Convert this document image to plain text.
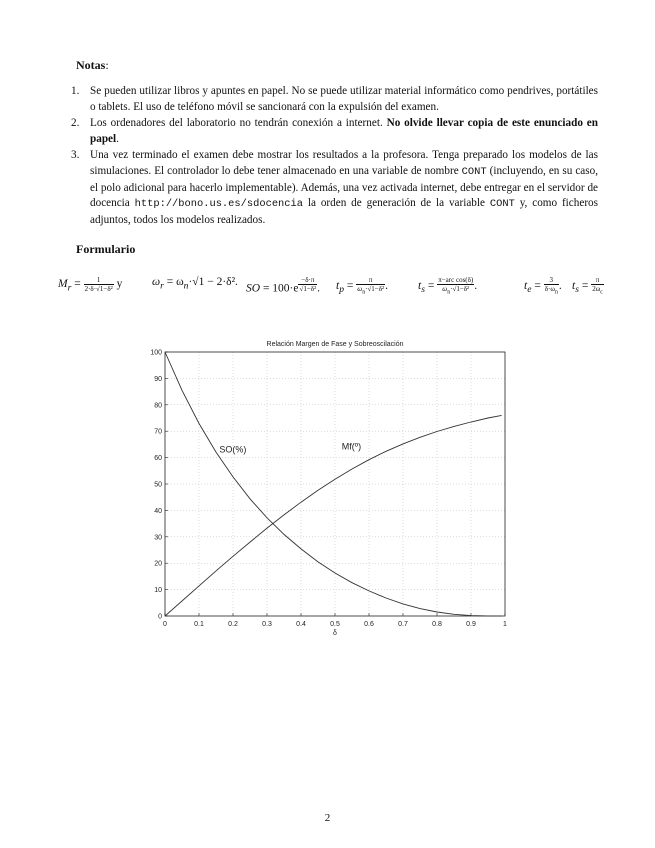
Notas:
1. Se pueden utilizar libros y apuntes en papel. No se puede utilizar material informático como pendrives, portátiles o tablets. El uso de teléfono móvil se sancionará con la expulsión del examen.
2. Los ordenadores del laboratorio no tendrán conexión a internet. No olvide llevar copia de este enunciado en papel.
3. Una vez terminado el examen debe mostrar los resultados a la profesora. Tenga preparado los modelos de las simulaciones. El controlador lo debe tener almacenado en una variable de nombre CONT (incluyendo, en su caso, el polo adicional para hacerlo implementable). Además, una vez activada internet, debe entregar en el servidor de docencia http://bono.us.es/sdocencia la orden de generación de la variable CONT y, como ficheros adjuntos, todos los modelos realizados.
Formulario
$M_r = \frac{1}{\text{2·δ·√1−δ²}}$ y	$\omega_r = \omega_n\cdot√1 - 2\cdot\delta^2$.
SO = 100·e $^{\frac{-\delta\cdot\pi}{\text{√1−δ²}}}$ . $t_p = \frac{\pi}{\omega_n\cdot√1-\delta^2}$ .	$t_s = \frac{\text{π−arc cos(δ)}}{\omega_n\cdot√1-\delta^2}$ .	$t_e = \frac{3}{\delta\cdot\omega_n}$ . $t_s = \frac{\pi}{2\omega_c}$
Relación Margen de Fase y Sobreoscilación
0	0.1	0.2	0.3	0.4	0.5	0.6	0.7	0.8	0.9	1
0
10
20
30
40
50
60
70
80
90
100
δ
SO(%)	Mf(º)
2
